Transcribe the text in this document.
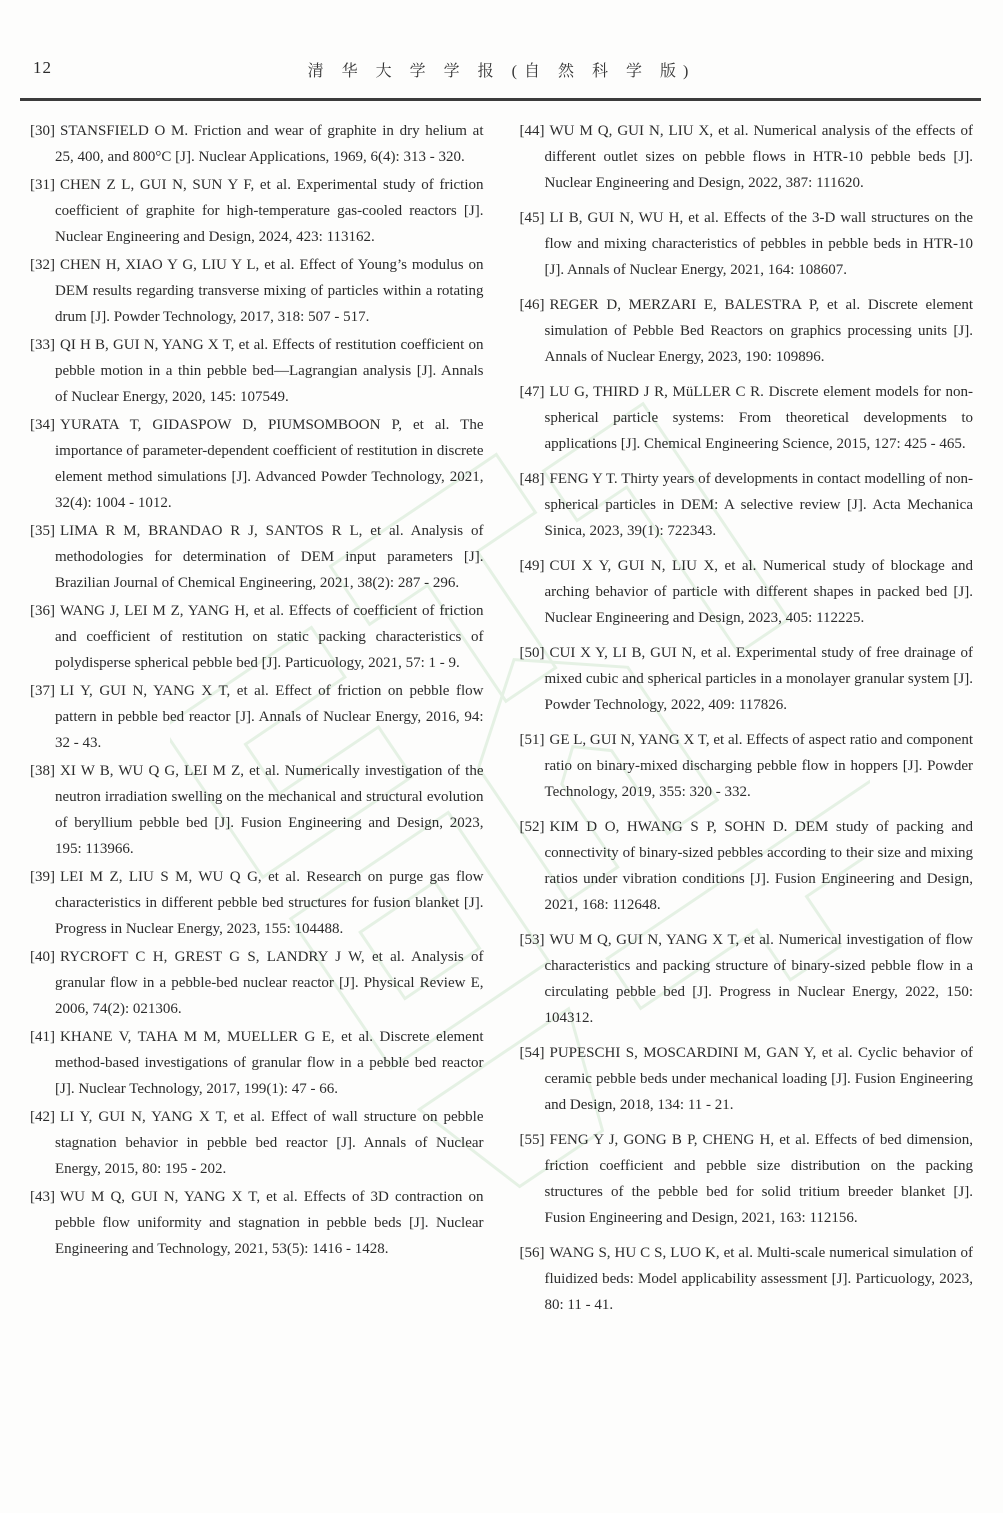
12	清 华 大 学 学 报 (自 然 科 学 版)
[30]STANSFIELD O M. Friction and wear of graphite in dry helium at 25, 400, and 800°C [J]. Nuclear Applications, 1969, 6(4): 313 - 320.
[31]CHEN Z L, GUI N, SUN Y F, et al. Experimental study of friction coefficient of graphite for high-temperature gas-cooled reactors [J]. Nuclear Engineering and Design, 2024, 423: 113162.
[32]CHEN H, XIAO Y G, LIU Y L, et al. Effect of Young’s modulus on DEM results regarding transverse mixing of particles within a rotating drum [J]. Powder Technology, 2017, 318: 507 - 517.
[33]QI H B, GUI N, YANG X T, et al. Effects of restitution coefficient on pebble motion in a thin pebble bed—Lagrangian analysis [J]. Annals of Nuclear Energy, 2020, 145: 107549.
[34]YURATA T, GIDASPOW D, PIUMSOMBOON P, et al. The importance of parameter-dependent coefficient of restitution in discrete element method simulations [J]. Advanced Powder Technology, 2021, 32(4): 1004 - 1012.
[35]LIMA R M, BRANDAO R J, SANTOS R L, et al. Analysis of methodologies for determination of DEM input parameters [J]. Brazilian Journal of Chemical Engineering, 2021, 38(2): 287 - 296.
[36]WANG J, LEI M Z, YANG H, et al. Effects of coefficient of friction and coefficient of restitution on static packing characteristics of polydisperse spherical pebble bed [J]. Particuology, 2021, 57: 1 - 9.
[37]LI Y, GUI N, YANG X T, et al. Effect of friction on pebble flow pattern in pebble bed reactor [J]. Annals of Nuclear Energy, 2016, 94: 32 - 43.
[38]XI W B, WU Q G, LEI M Z, et al. Numerically investigation of the neutron irradiation swelling on the mechanical and structural evolution of beryllium pebble bed [J]. Fusion Engineering and Design, 2023, 195: 113966.
[39]LEI M Z, LIU S M, WU Q G, et al. Research on purge gas flow characteristics in different pebble bed structures for fusion blanket [J]. Progress in Nuclear Energy, 2023, 155: 104488.
[40]RYCROFT C H, GREST G S, LANDRY J W, et al. Analysis of granular flow in a pebble-bed nuclear reactor [J]. Physical Review E, 2006, 74(2): 021306.
[41]KHANE V, TAHA M M, MUELLER G E, et al. Discrete element method-based investigations of granular flow in a pebble bed reactor [J]. Nuclear Technology, 2017, 199(1): 47 - 66.
[42]LI Y, GUI N, YANG X T, et al. Effect of wall structure on pebble stagnation behavior in pebble bed reactor [J]. Annals of Nuclear Energy, 2015, 80: 195 - 202.
[43]WU M Q, GUI N, YANG X T, et al. Effects of 3D contraction on pebble flow uniformity and stagnation in pebble beds [J]. Nuclear Engineering and Technology, 2021, 53(5): 1416 - 1428.
[44]WU M Q, GUI N, LIU X, et al. Numerical analysis of the effects of different outlet sizes on pebble flows in HTR-10 pebble beds [J]. Nuclear Engineering and Design, 2022, 387: 111620.
[45]LI B, GUI N, WU H, et al. Effects of the 3-D wall structures on the flow and mixing characteristics of pebbles in pebble beds in HTR-10 [J]. Annals of Nuclear Energy, 2021, 164: 108607.
[46]REGER D, MERZARI E, BALESTRA P, et al. Discrete element simulation of Pebble Bed Reactors on graphics processing units [J]. Annals of Nuclear Energy, 2023, 190: 109896.
[47]LU G, THIRD J R, MüLLER C R. Discrete element models for non-spherical particle systems: From theoretical developments to applications [J]. Chemical Engineering Science, 2015, 127: 425 - 465.
[48]FENG Y T. Thirty years of developments in contact modelling of non-spherical particles in DEM: A selective review [J]. Acta Mechanica Sinica, 2023, 39(1): 722343.
[49]CUI X Y, GUI N, LIU X, et al. Numerical study of blockage and arching behavior of particle with different shapes in packed bed [J]. Nuclear Engineering and Design, 2023, 405: 112225.
[50]CUI X Y, LI B, GUI N, et al. Experimental study of free drainage of mixed cubic and spherical particles in a monolayer granular system [J]. Powder Technology, 2022, 409: 117826.
[51]GE L, GUI N, YANG X T, et al. Effects of aspect ratio and component ratio on binary-mixed discharging pebble flow in hoppers [J]. Powder Technology, 2019, 355: 320 - 332.
[52]KIM D O, HWANG S P, SOHN D. DEM study of packing and connectivity of binary-sized pebbles according to their size and mixing ratios under vibration conditions [J]. Fusion Engineering and Design, 2021, 168: 112648.
[53]WU M Q, GUI N, YANG X T, et al. Numerical investigation of flow characteristics and packing structure of binary-sized pebble flow in a circulating pebble bed [J]. Progress in Nuclear Energy, 2022, 150: 104312.
[54]PUPESCHI S, MOSCARDINI M, GAN Y, et al. Cyclic behavior of ceramic pebble beds under mechanical loading [J]. Fusion Engineering and Design, 2018, 134: 11 - 21.
[55]FENG Y J, GONG B P, CHENG H, et al. Effects of bed dimension, friction coefficient and pebble size distribution on the packing structures of the pebble bed for solid tritium breeder blanket [J]. Fusion Engineering and Design, 2021, 163: 112156.
[56]WANG S, HU C S, LUO K, et al. Multi-scale numerical simulation of fluidized beds: Model applicability assessment [J]. Particuology, 2023, 80: 11 - 41.
